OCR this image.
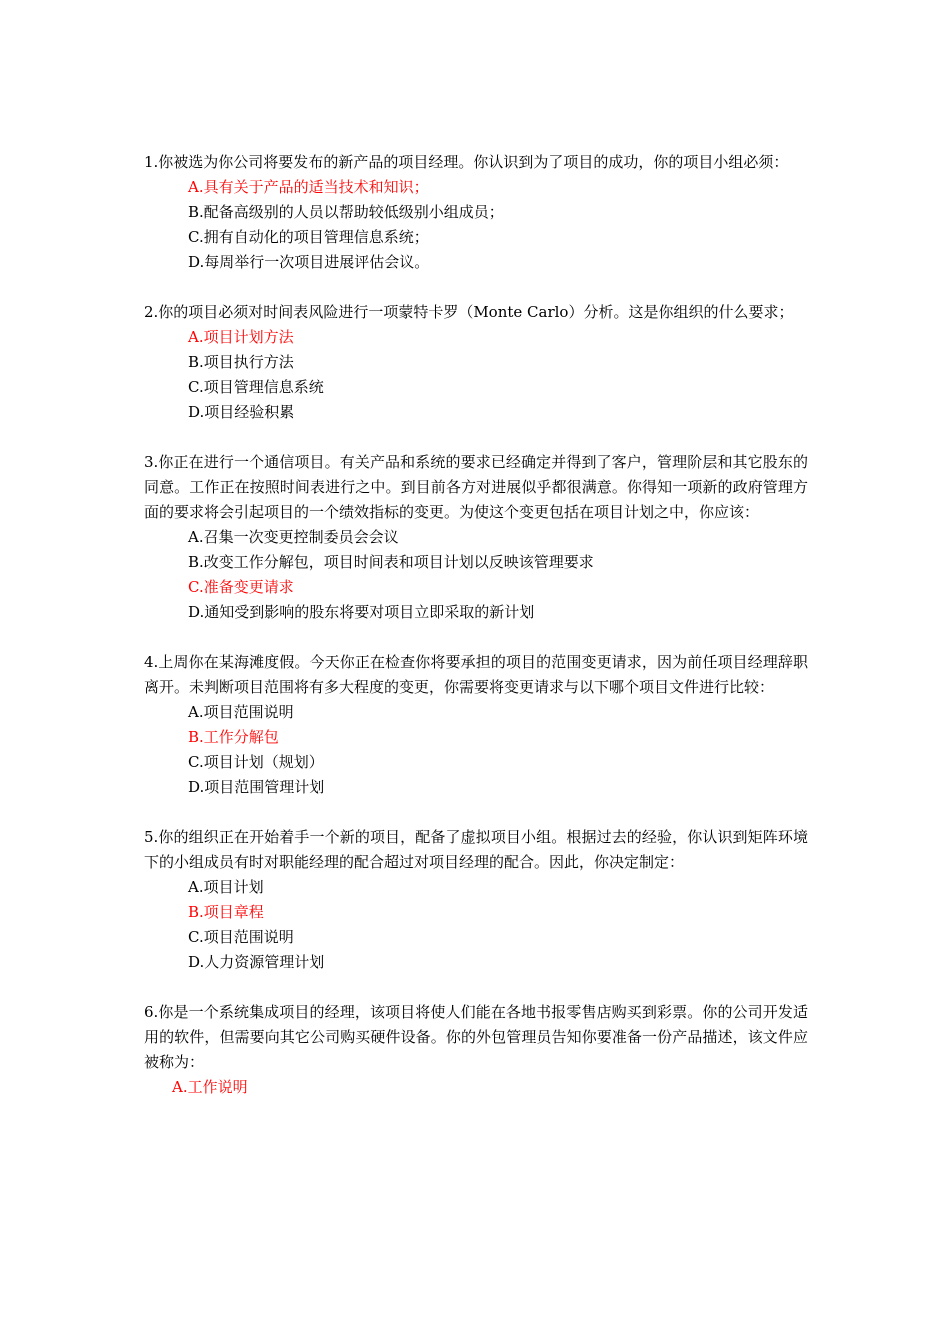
1.你被选为你公司将要发布的新产品的项目经理。你认识到为了项目的成功，你的项目小组必须：

A.具有关于产品的适当技术和知识；
B.配备高级别的人员以帮助较低级别小组成员；
C.拥有自动化的项目管理信息系统；
D.每周举行一次项目进展评估会议。

2.你的项目必须对时间表风险进行一项蒙特卡罗（Monte Carlo）分析。这是你组织的什么要求；

A.项目计划方法
B.项目执行方法
C.项目管理信息系统
D.项目经验积累

3.你正在进行一个通信项目。有关产品和系统的要求已经确定并得到了客户，管理阶层和其它股东的同意。工作正在按照时间表进行之中。到目前各方对进展似乎都很满意。你得知一项新的政府管理方面的要求将会引起项目的一个绩效指标的变更。为使这个变更包括在项目计划之中，你应该：

A.召集一次变更控制委员会会议
B.改变工作分解包，项目时间表和项目计划以反映该管理要求
C.准备变更请求
D.通知受到影响的股东将要对项目立即采取的新计划

4.上周你在某海滩度假。今天你正在检查你将要承担的项目的范围变更请求，因为前任项目经理辞职离开。未判断项目范围将有多大程度的变更，你需要将变更请求与以下哪个项目文件进行比较：

A.项目范围说明
B.工作分解包
C.项目计划（规划）
D.项目范围管理计划

5.你的组织正在开始着手一个新的项目，配备了虚拟项目小组。根据过去的经验，你认识到矩阵环境下的小组成员有时对职能经理的配合超过对项目经理的配合。因此，你决定制定：

A.项目计划
B.项目章程
C.项目范围说明
D.人力资源管理计划

6.你是一个系统集成项目的经理，该项目将使人们能在各地书报零售店购买到彩票。你的公司开发适用的软件，但需要向其它公司购买硬件设备。你的外包管理员告知你要准备一份产品描述，该文件应被称为：

A.工作说明
